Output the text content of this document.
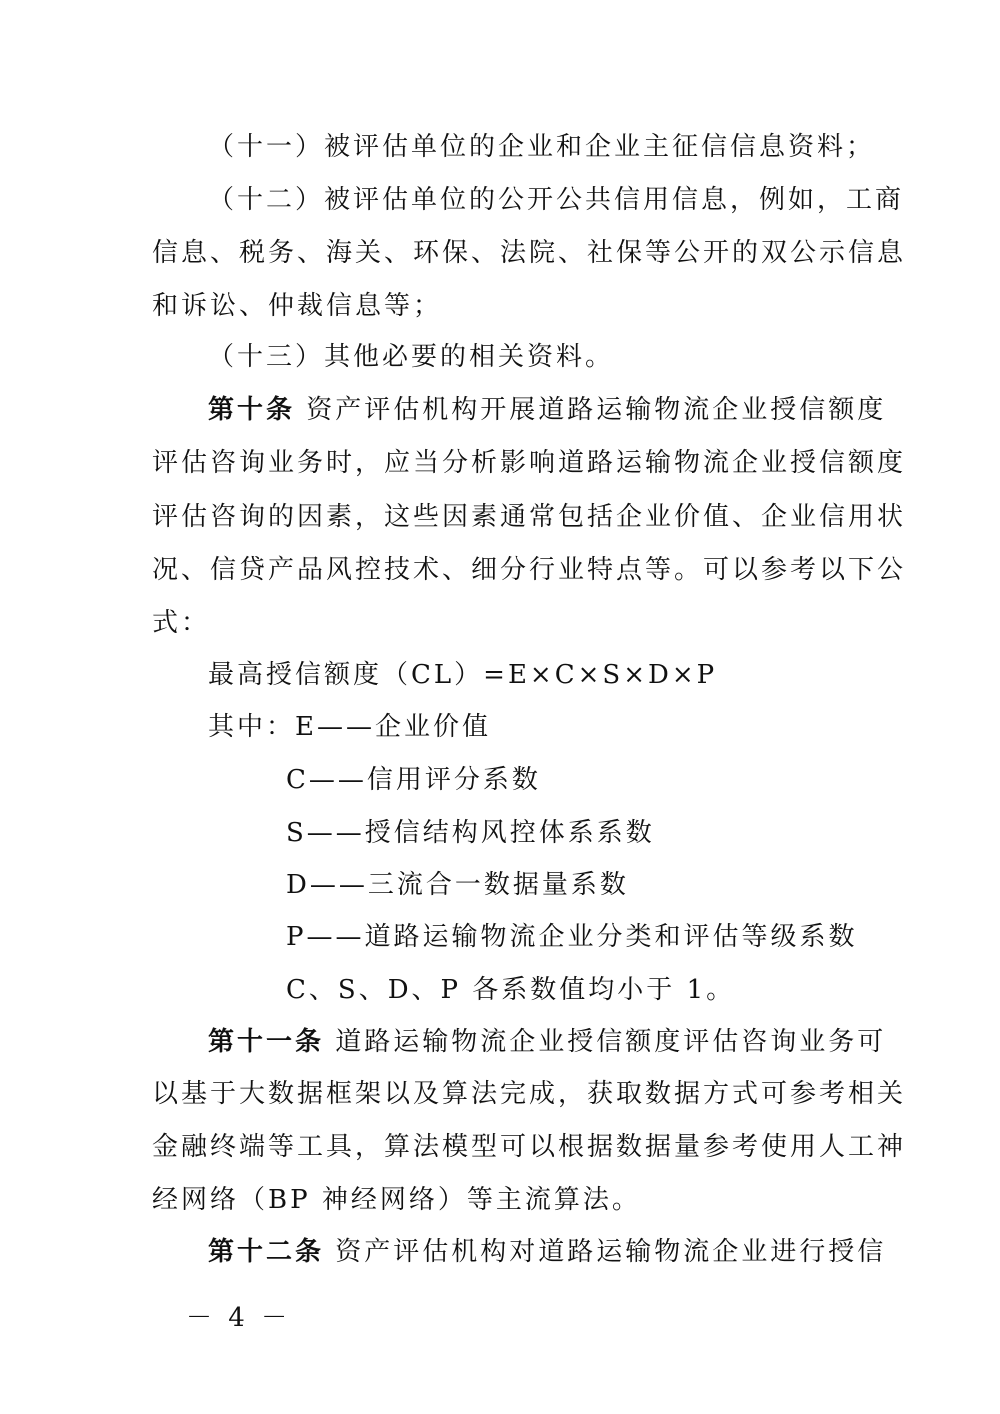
（十一）被评估单位的企业和企业主征信信息资料；
（十二）被评估单位的公开公共信用信息，例如，工商
信息、税务、海关、环保、法院、社保等公开的双公示信息
和诉讼、仲裁信息等；
（十三）其他必要的相关资料。
第十条 资产评估机构开展道路运输物流企业授信额度
评估咨询业务时，应当分析影响道路运输物流企业授信额度
评估咨询的因素，这些因素通常包括企业价值、企业信用状
况、信贷产品风控技术、细分行业特点等。可以参考以下公
式：
最高授信额度（CL）=E×C×S×D×P
其中：E——企业价值
C——信用评分系数
S——授信结构风控体系系数
D——三流合一数据量系数
P——道路运输物流企业分类和评估等级系数
C、S、D、P 各系数值均小于 1。
第十一条 道路运输物流企业授信额度评估咨询业务可
以基于大数据框架以及算法完成，获取数据方式可参考相关
金融终端等工具，算法模型可以根据数据量参考使用人工神
经网络（BP 神经网络）等主流算法。
第十二条 资产评估机构对道路运输物流企业进行授信
－ 4 －
